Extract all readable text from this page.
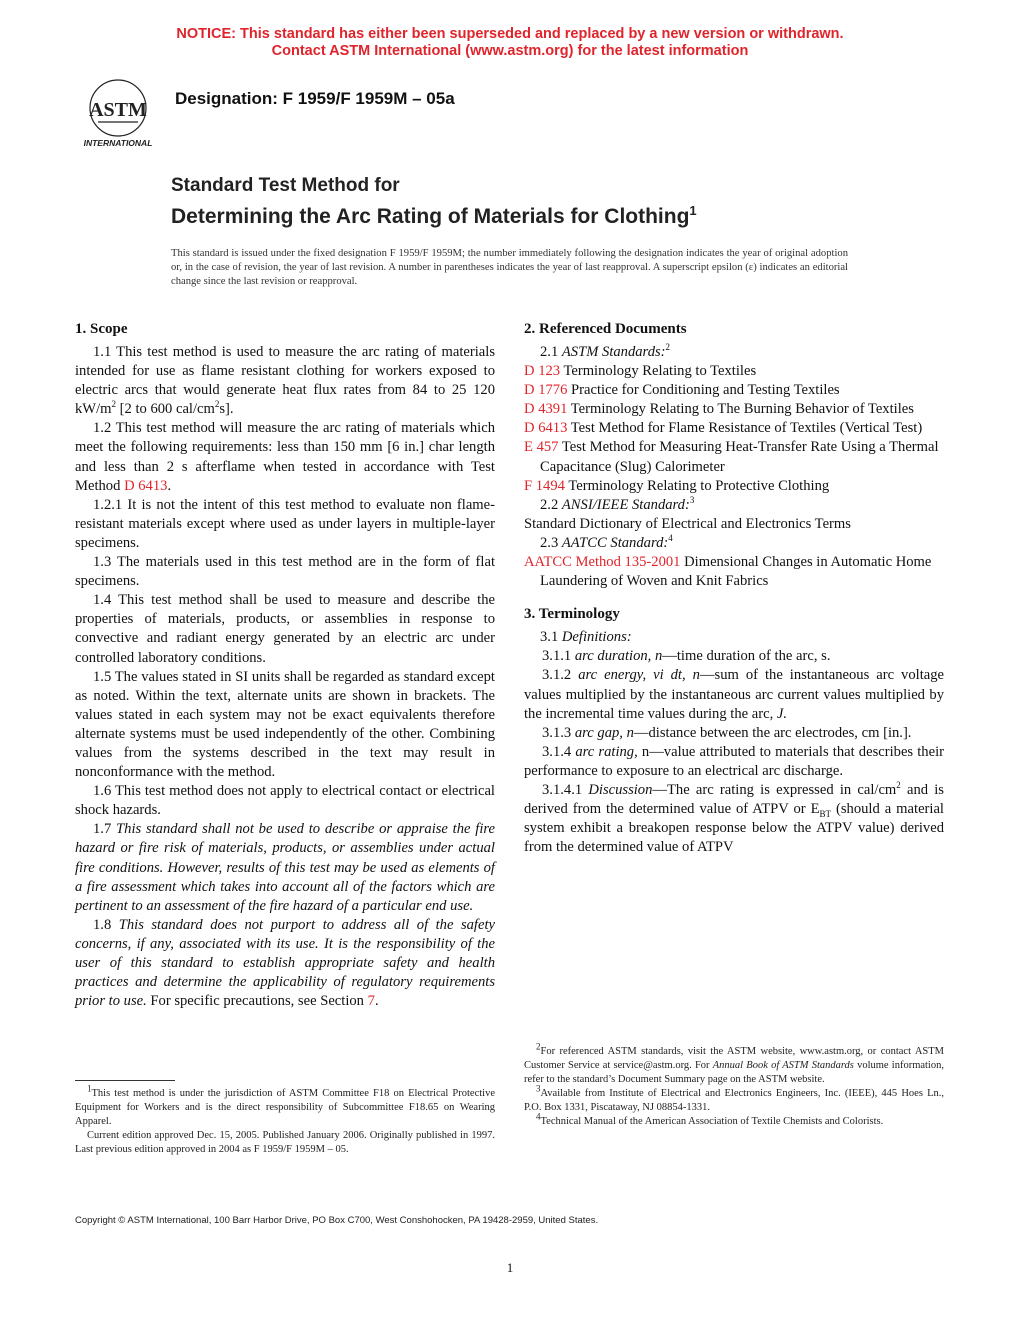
NOTICE: This standard has either been superseded and replaced by a new version or withdrawn.
Contact ASTM International (www.astm.org) for the latest information
ASTM
INTERNATIONAL
Designation: F 1959/F 1959M – 05a
Standard Test Method for
Determining the Arc Rating of Materials for Clothing$^1$
This standard is issued under the fixed designation F 1959/F 1959M; the number immediately following the designation indicates the year of original adoption or, in the case of revision, the year of last revision. A number in parentheses indicates the year of last reapproval. A superscript epsilon (ε) indicates an editorial change since the last revision or reapproval.
1. Scope

1.1 This test method is used to measure the arc rating of materials intended for use as flame resistant clothing for workers exposed to electric arcs that would generate heat flux rates from 84 to 25 120 $kW/m^2$ [2 to 600 cal/$cm^2s$].

1.2 This test method will measure the arc rating of materials which meet the following requirements: less than 150 mm [6 in.] char length and less than 2 s afterflame when tested in accordance with Test Method D 6413.

1.2.1 It is not the intent of this test method to evaluate non flame-resistant materials except where used as under layers in multiple-layer specimens.

1.3 The materials used in this test method are in the form of flat specimens.

1.4 This test method shall be used to measure and describe the properties of materials, products, or assemblies in response to convective and radiant energy generated by an electric arc under controlled laboratory conditions.

1.5 The values stated in SI units shall be regarded as standard except as noted. Within the text, alternate units are shown in brackets. The values stated in each system may not be exact equivalents therefore alternate systems must be used independently of the other. Combining values from the systems described in the text may result in nonconformance with the method.

1.6 This test method does not apply to electrical contact or electrical shock hazards.

1.7 This standard shall not be used to describe or appraise the fire hazard or fire risk of materials, products, or assemblies under actual fire conditions. However, results of this test may be used as elements of a fire assessment which takes into account all of the factors which are pertinent to an assessment of the fire hazard of a particular end use.

1.8 This standard does not purport to address all of the safety concerns, if any, associated with its use. It is the responsibility of the user of this standard to establish appropriate safety and health practices and determine the applicability of regulatory requirements prior to use. For specific precautions, see Section 7.

2. Referenced Documents

2.1 ASTM Standards:$^2$

D 123 Terminology Relating to Textiles

D 1776 Practice for Conditioning and Testing Textiles

D 4391 Terminology Relating to The Burning Behavior of Textiles

D 6413 Test Method for Flame Resistance of Textiles (Vertical Test)

E 457 Test Method for Measuring Heat-Transfer Rate Using a Thermal Capacitance (Slug) Calorimeter

F 1494 Terminology Relating to Protective Clothing

2.2 ANSI/IEEE Standard:$^3$

Standard Dictionary of Electrical and Electronics Terms

2.3 AATCC Standard:$^4$

AATCC Method 135-2001 Dimensional Changes in Automatic Home Laundering of Woven and Knit Fabrics

3. Terminology

3.1 Definitions:

3.1.1 arc duration, n—time duration of the arc, s.

3.1.2 arc energy, vi dt, n—sum of the instantaneous arc voltage values multiplied by the instantaneous arc current values multiplied by the incremental time values during the arc, J.

3.1.3 arc gap, n—distance between the arc electrodes, cm [in.].

3.1.4 arc rating, n—value attributed to materials that describes their performance to exposure to an electrical arc discharge.

3.1.4.1 Discussion—The arc rating is expressed in cal/$cm^2$ and is derived from the determined value of ATPV or $E_{BT}$ (should a material system exhibit a breakopen response below the ATPV value) derived from the determined value of ATPV

$^1$This test method is under the jurisdiction of ASTM Committee F18 on Electrical Protective Equipment for Workers and is the direct responsibility of Subcommittee F18.65 on Wearing Apparel.

Current edition approved Dec. 15, 2005. Published January 2006. Originally published in 1997. Last previous edition approved in 2004 as F 1959/F 1959M – 05.

$^2$For referenced ASTM standards, visit the ASTM website, www.astm.org, or contact ASTM Customer Service at service@astm.org. For Annual Book of ASTM Standards volume information, refer to the standard’s Document Summary page on the ASTM website.

$^3$Available from Institute of Electrical and Electronics Engineers, Inc. (IEEE), 445 Hoes Ln., P.O. Box 1331, Piscataway, NJ 08854-1331.

$^4$Technical Manual of the American Association of Textile Chemists and Colorists.

Copyright © ASTM International, 100 Barr Harbor Drive, PO Box C700, West Conshohocken, PA 19428-2959, United States.
1
